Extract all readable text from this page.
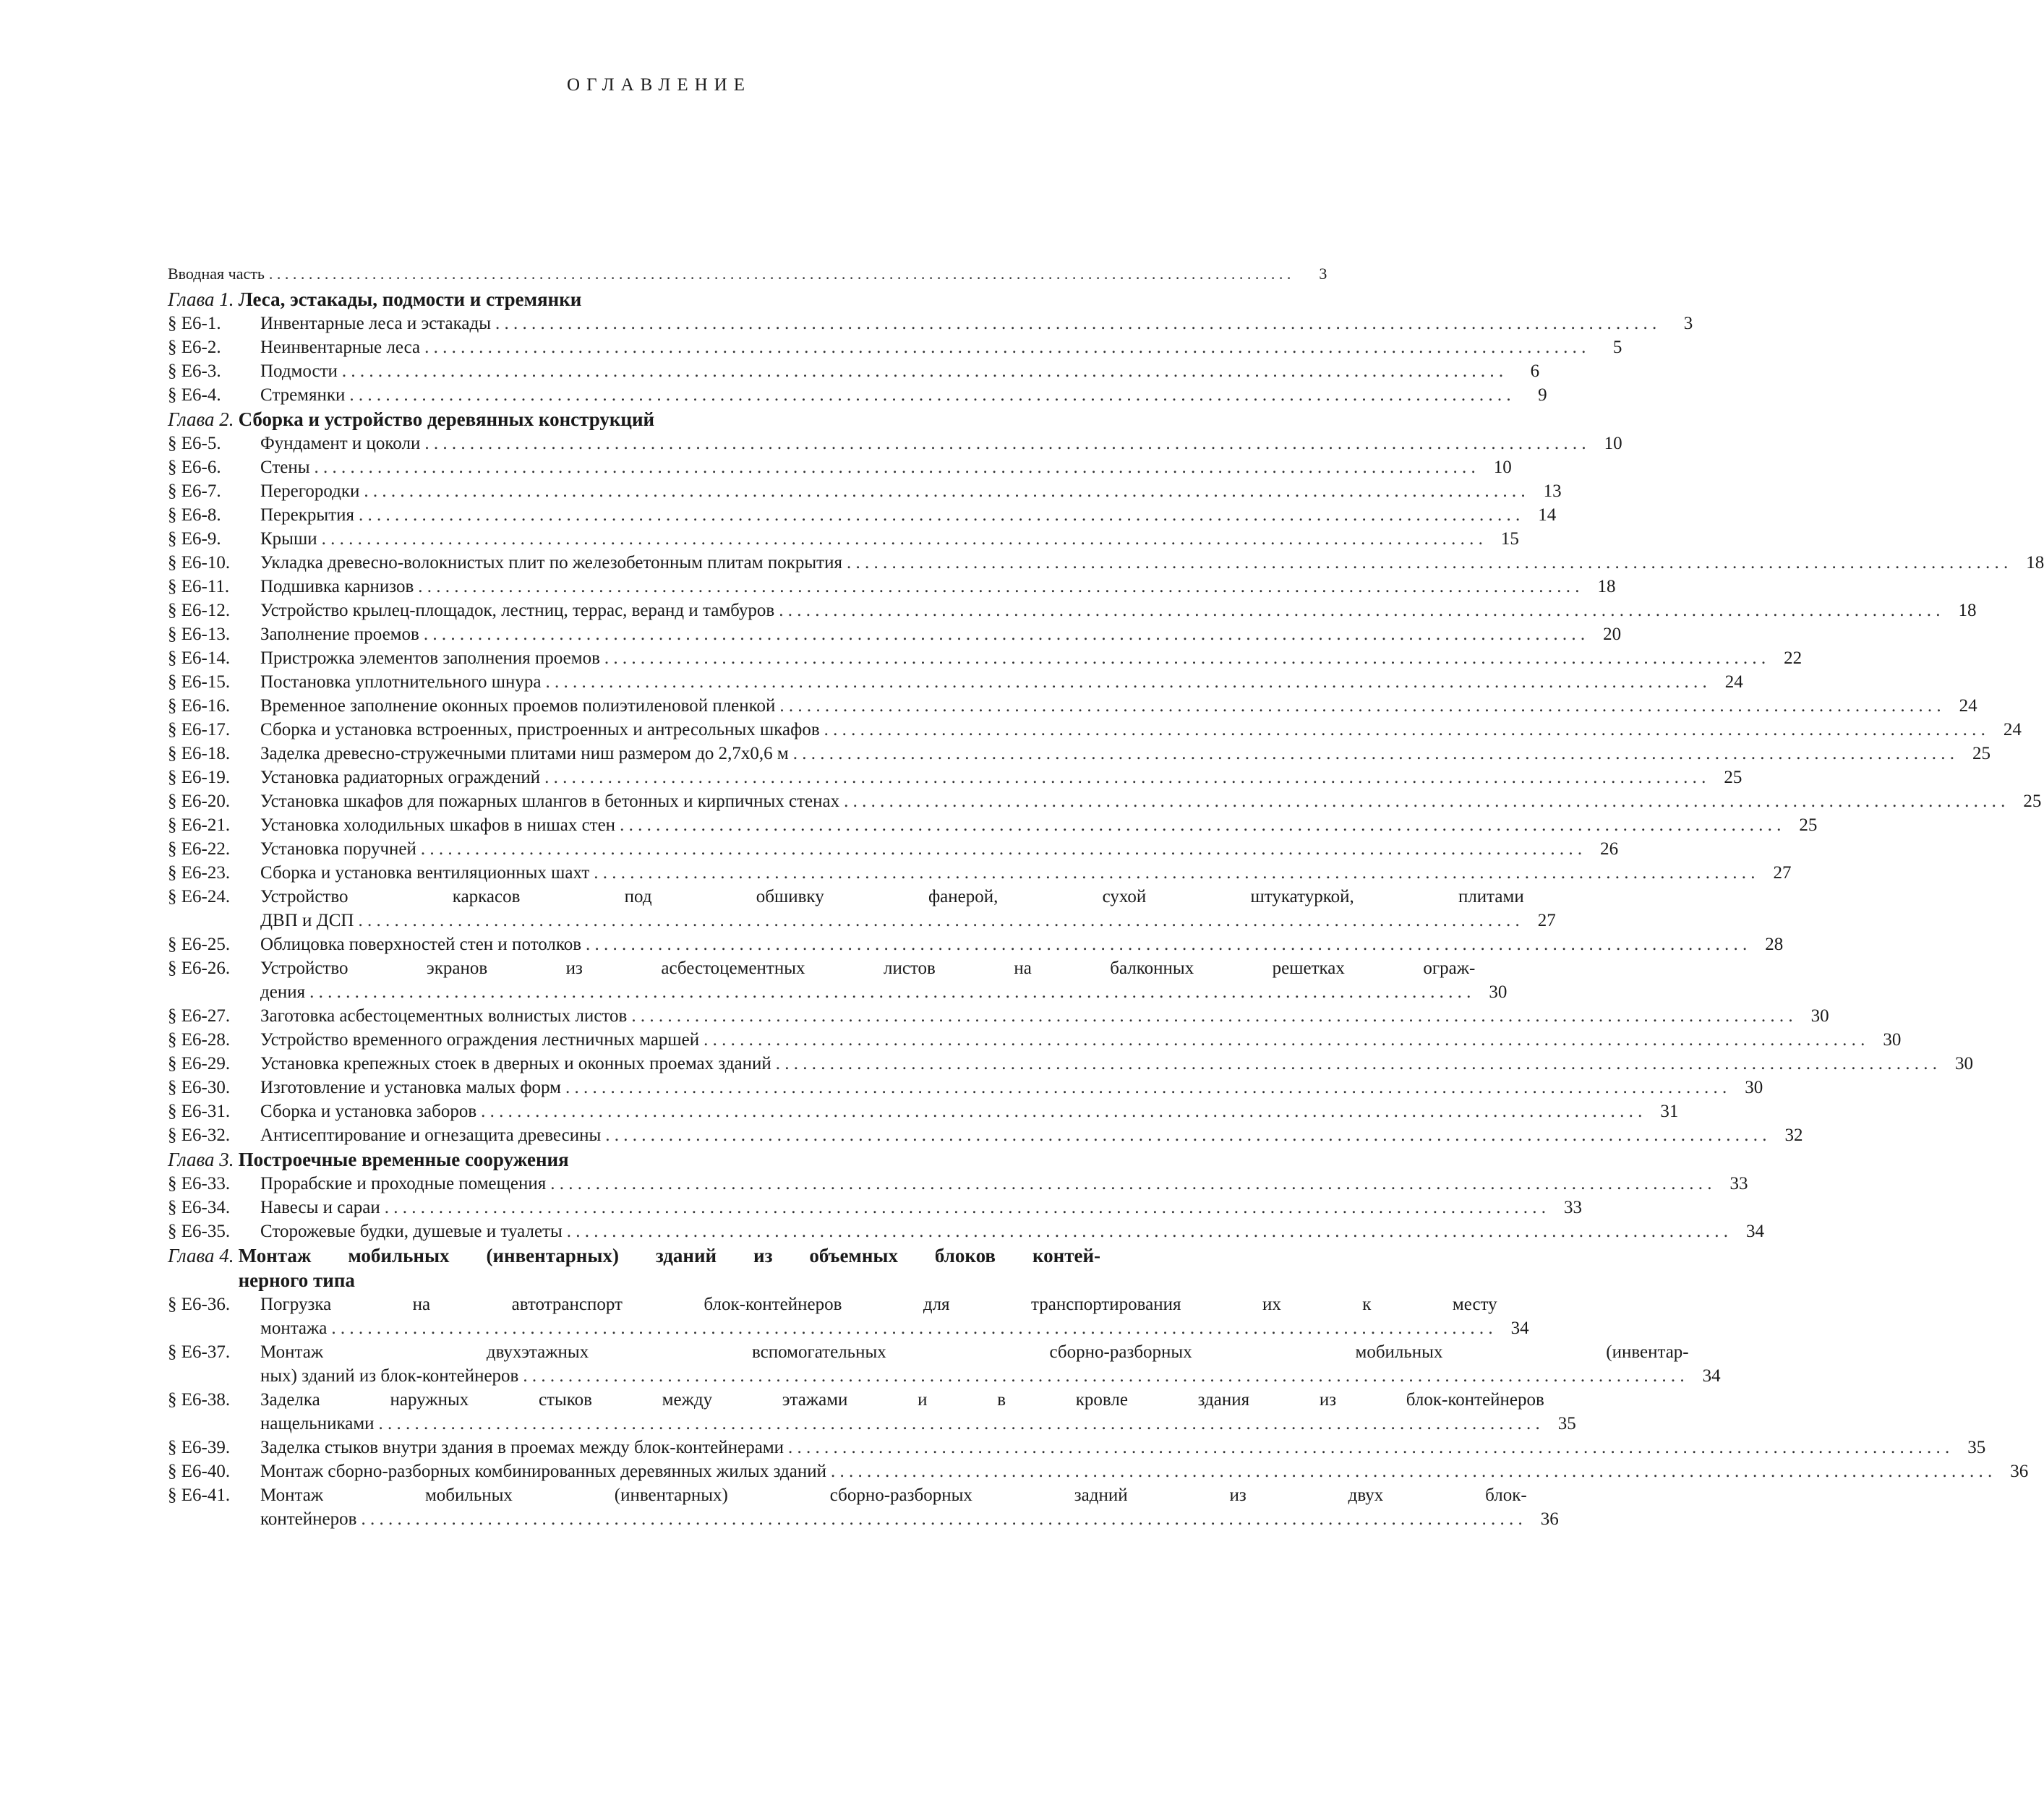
ОГЛАВЛЕНИЕ
Вводная часть . . .	3
Глава 1. Леса, эстакады, подмости и стремянки
§ Е6-1.	Инвентарные леса и эстакады . . .	3
§ Е6-2.	Неинвентарные леса . . .	5
§ Е6-3.	Подмости . . .	6
§ Е6-4.	Стремянки . . .	9
Глава 2. Сборка и устройство деревянных конструкций
§ Е6-5.	Фундамент и цоколи . . .	10
§ Е6-6.	Стены . . .	10
§ Е6-7.	Перегородки . . .	13
§ Е6-8.	Перекрытия . . .	14
§ Е6-9.	Крыши . . .	15
§ Е6-10.	Укладка древесно-волокнистых плит по железобетонным плитам покрытия . . .	18
§ Е6-11.	Подшивка карнизов . . .	18
§ Е6-12.	Устройство крылец-площадок, лестниц, террас, веранд и тамбуров . . .	18
§ Е6-13.	Заполнение проемов . . .	20
§ Е6-14.	Пристрожка элементов заполнения проемов . . .	22
§ Е6-15.	Постановка уплотнительного шнура . . .	24
§ Е6-16.	Временное заполнение оконных проемов полиэтиленовой пленкой . . .	24
§ Е6-17.	Сборка и установка встроенных, пристроенных и антресольных шкафов . . .	24
§ Е6-18.	Заделка древесно-стружечными плитами ниш размером до 2,7х0,6 м . . .	25
§ Е6-19.	Установка радиаторных ограждений . . .	25
§ Е6-20.	Установка шкафов для пожарных шлангов в бетонных и кирпичных стенах . . .	25
§ Е6-21.	Установка холодильных шкафов в нишах стен . . .	25
§ Е6-22.	Установка поручней . . .	26
§ Е6-23.	Сборка и установка вентиляционных шахт . . .	27
§ Е6-24.	Устройство каркасов под обшивку фанерой, сухой штукатуркой, плитами
ДВП и ДСП . . .	27
§ Е6-25.	Облицовка поверхностей стен и потолков . . .	28
§ Е6-26.	Устройство экранов из асбестоцементных листов на балконных решетках ограж-
дения . . .	30
§ Е6-27.	Заготовка асбестоцементных волнистых листов . . .	30
§ Е6-28.	Устройство временного ограждения лестничных маршей . . .	30
§ Е6-29.	Установка крепежных стоек в дверных и оконных проемах зданий . . .	30
§ Е6-30.	Изготовление и установка малых форм . . .	30
§ Е6-31.	Сборка и установка заборов . . .	31
§ Е6-32.	Антисептирование и огнезащита древесины . . .	32
Глава 3. Построечные временные сооружения
§ Е6-33.	Прорабские и проходные помещения . . .	33
§ Е6-34.	Навесы и сараи . . .	33
§ Е6-35.	Сторожевые будки, душевые и туалеты . . .	34
Глава 4. Монтаж мобильных (инвентарных) зданий из объемных блоков контей-
нерного типа
§ Е6-36.	Погрузка на автотранспорт блок-контейнеров для транспортирования их к месту
монтажа . . .	34
§ Е6-37.	Монтаж двухэтажных вспомогательных сборно-разборных мобильных (инвентар-
ных) зданий из блок-контейнеров . . .	34
§ Е6-38.	Заделка наружных стыков между этажами и в кровле здания из блок-контейнеров
нащельниками . . .	35
§ Е6-39.	Заделка стыков внутри здания в проемах между блок-контейнерами . . .	35
§ Е6-40.	Монтаж сборно-разборных комбинированных деревянных жилых зданий . . .	36
§ Е6-41.	Монтаж мобильных (инвентарных) сборно-разборных задний из двух блок-
контейнеров . . .	36
